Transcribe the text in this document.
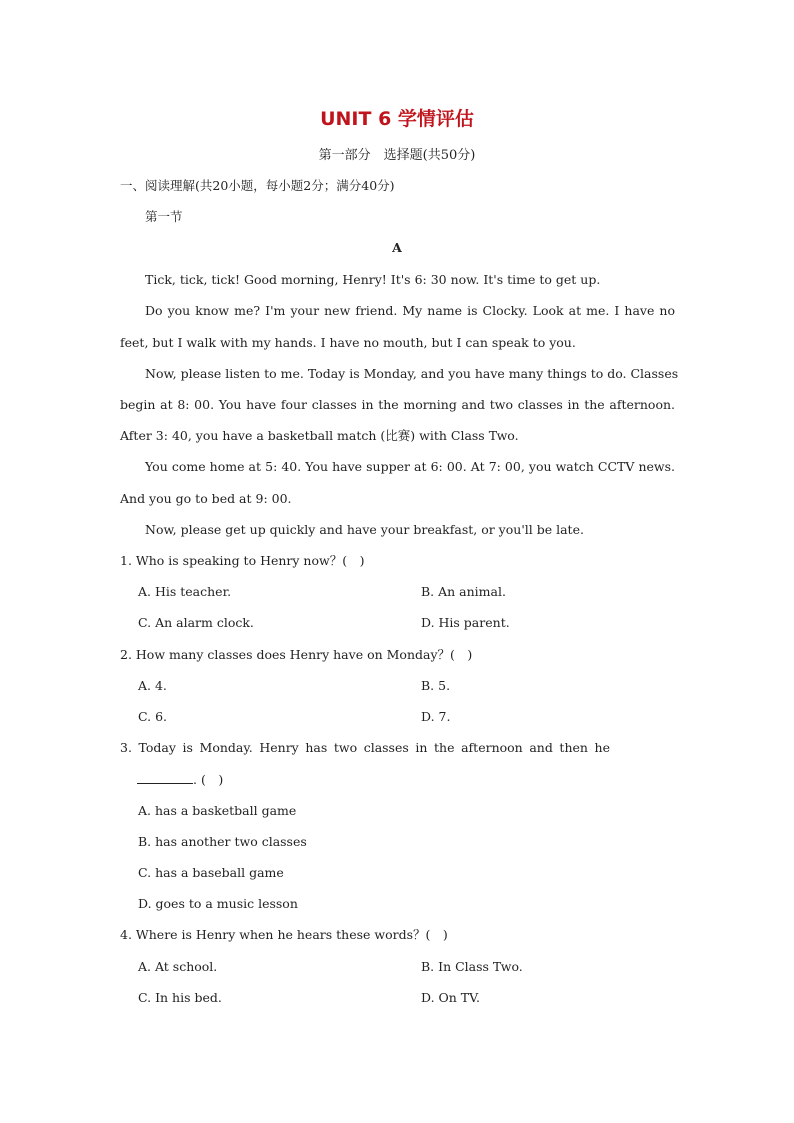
UNIT 6 学情评估
第一部分　选择题(共50分)
一、阅读理解(共20小题，每小题2分；满分40分)
第一节
A
Tick, tick, tick! Good morning, Henry! It's 6: 30 now. It's time to get up.
Do you know me? I'm your new friend. My name is Clocky. Look at me. I have no
feet, but I walk with my hands. I have no mouth, but I can speak to you.
Now, please listen to me. Today is Monday, and you have many things to do. Classes
begin at 8: 00. You have four classes in the morning and two classes in the afternoon.
After 3: 40, you have a basketball match (比赛) with Class Two.
You come home at 5: 40. You have supper at 6: 00. At 7: 00, you watch CCTV news.
And you go to bed at 9: 00.
Now, please get up quickly and have your breakfast, or you'll be late.
1. Who is speaking to Henry now？(　)
A. His teacher.	B. An animal.
C. An alarm clock.	D. His parent.
2. How many classes does Henry have on Monday？(　)
A. 4.	B. 5.
C. 6.	D. 7.
3. Today is Monday. Henry has two classes in the afternoon and then he
. (　)
A. has a basketball game
B. has another two classes
C. has a baseball game
D. goes to a music lesson
4. Where is Henry when he hears these words？(　)
A. At school.	B. In Class Two.
C. In his bed.	D. On TV.
